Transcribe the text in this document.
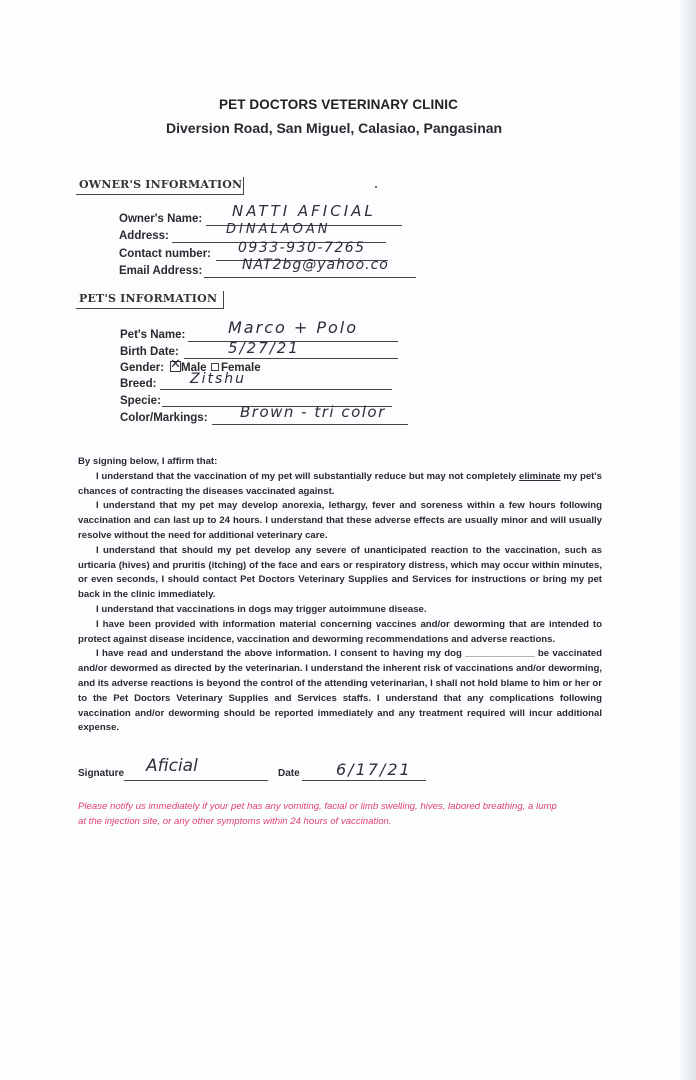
PET DOCTORS VETERINARY CLINIC
Diversion Road, San Miguel, Calasiao, Pangasinan
OWNER'S INFORMATION
Owner's Name: NATTI AFICIAL
Address:	DINALAOAN
Contact number: 0933-930-7265
Email Address:	NAT2bg@yahoo.co
PET'S INFORMATION
Pet's Name:	Marco + Polo
Birth Date:	5/27/21
Gender: ✕ Male Female
Breed: Zitshu
Specie:
Color/Markings: Brown - tri color

By signing below, I affirm that:

I understand that the vaccination of my pet will substantially reduce but may not completely eliminate my pet's chances of contracting the diseases vaccinated against.

I understand that my pet may develop anorexia, lethargy, fever and soreness within a few hours following vaccination and can last up to 24 hours. I understand that these adverse effects are usually minor and will usually resolve without the need for additional veterinary care.

I understand that should my pet develop any severe of unanticipated reaction to the vaccination, such as urticaria (hives) and pruritis (itching) of the face and ears or respiratory distress, which may occur within minutes, or even seconds, I should contact Pet Doctors Veterinary Supplies and Services for instructions or bring my pet back in the clinic immediately.

I understand that vaccinations in dogs may trigger autoimmune disease.

I have been provided with information material concerning vaccines and/or deworming that are intended to protect against disease incidence, vaccination and deworming recommendations and adverse reactions.

I have read and understand the above information. I consent to having my dog _____________ be vaccinated and/or dewormed as directed by the veterinarian. I understand the inherent risk of vaccinations and/or deworming, and its adverse reactions is beyond the control of the attending veterinarian, I shall not hold blame to him or her or to the Pet Doctors Veterinary Supplies and Services staffs. I understand that any complications following vaccination and/or deworming should be reported immediately and any treatment required will incur additional expense.

Signature Aficial	Date 6/17/21
Please notify us immediately if your pet has any vomiting, facial or limb swelling, hives, labored breathing, a lump at the injection site, or any other symptoms within 24 hours of vaccination.
